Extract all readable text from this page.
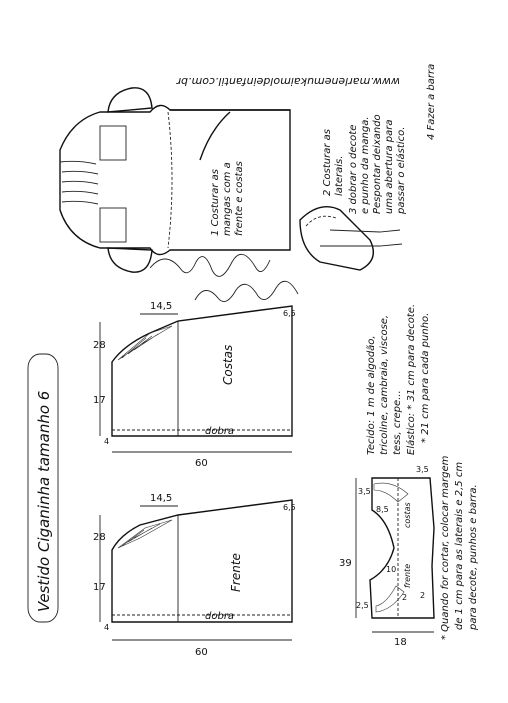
Vestido Ciganinha tamanho 6
www.marlenemukaimoldeinfantil.com.br
dobra
Costas
14,5
6,5
28
17
60
4
dobra
Frente
14,5
6,5
28
17
60
4
costas
frente
39
18
3,5
3,5
8,5
2,5
2
10
2
Tecido: 1 m de algodão, tricoline, cambraia, viscose, tess, crepe... Elástico: * 31 cm para decote. * 21 cm para cada punho.
* Quando for cortar, colocar margem de 1 cm para as laterais e 2,5 cm para decote, punhos e barra.
1 Costurar as mangas com a frente e costas	2 Costurar as laterais. 3 dobrar o decote e punho da manga. Pespontar deixando uma abertura para passar o elástico.
4 Fazer a barra
